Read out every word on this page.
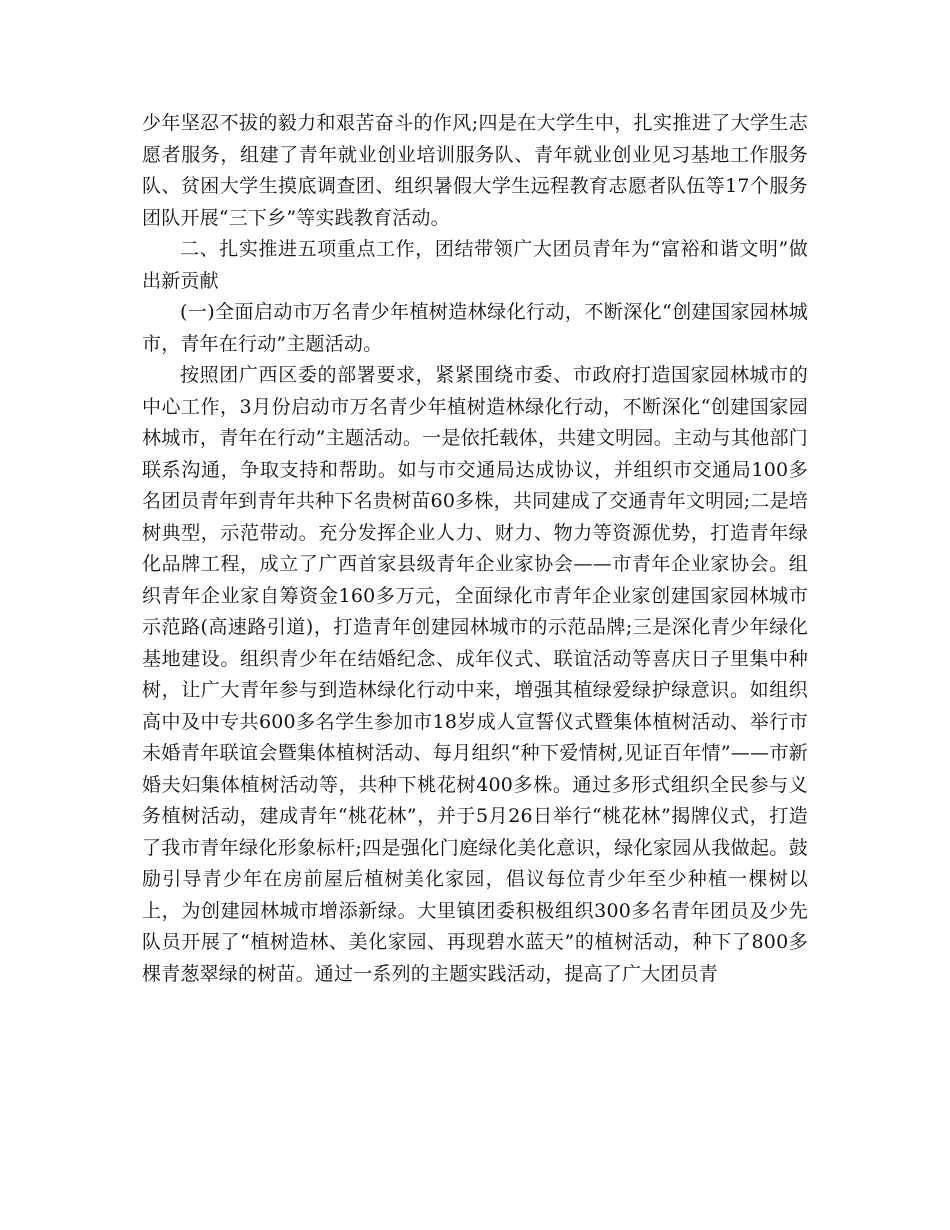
少年坚忍不拔的毅力和艰苦奋斗的作风;四是在大学生中，扎实推进了大学生志愿者服务，组建了青年就业创业培训服务队、青年就业创业见习基地工作服务队、贫困大学生摸底调查团、组织暑假大学生远程教育志愿者队伍等17个服务团队开展“三下乡”等实践教育活动。

二、扎实推进五项重点工作，团结带领广大团员青年为“富裕和谐文明”做出新贡献

(一)全面启动市万名青少年植树造林绿化行动，不断深化“创建国家园林城市，青年在行动”主题活动。

按照团广西区委的部署要求，紧紧围绕市委、市政府打造国家园林城市的中心工作，3月份启动市万名青少年植树造林绿化行动，不断深化“创建国家园林城市，青年在行动”主题活动。一是依托载体，共建文明园。主动与其他部门联系沟通，争取支持和帮助。如与市交通局达成协议，并组织市交通局100多名团员青年到青年共种下名贵树苗60多株，共同建成了交通青年文明园;二是培树典型，示范带动。充分发挥企业人力、财力、物力等资源优势，打造青年绿化品牌工程，成立了广西首家县级青年企业家协会——市青年企业家协会。组织青年企业家自筹资金160多万元，全面绿化市青年企业家创建国家园林城市示范路(高速路引道)，打造青年创建园林城市的示范品牌;三是深化青少年绿化基地建设。组织青少年在结婚纪念、成年仪式、联谊活动等喜庆日子里集中种树，让广大青年参与到造林绿化行动中来，增强其植绿爱绿护绿意识。如组织高中及中专共600多名学生参加市18岁成人宣誓仪式暨集体植树活动、举行市未婚青年联谊会暨集体植树活动、每月组织“种下爱情树,见证百年情”——市新婚夫妇集体植树活动等，共种下桃花树400多株。通过多形式组织全民参与义务植树活动，建成青年“桃花林”，并于5月26日举行“桃花林”揭牌仪式，打造了我市青年绿化形象标杆;四是强化门庭绿化美化意识，绿化家园从我做起。鼓励引导青少年在房前屋后植树美化家园，倡议每位青少年至少种植一棵树以上，为创建园林城市增添新绿。大里镇团委积极组织300多名青年团员及少先队员开展了“植树造林、美化家园、再现碧水蓝天”的植树活动，种下了800多棵青葱翠绿的树苗。通过一系列的主题实践活动，提高了广大团员青
